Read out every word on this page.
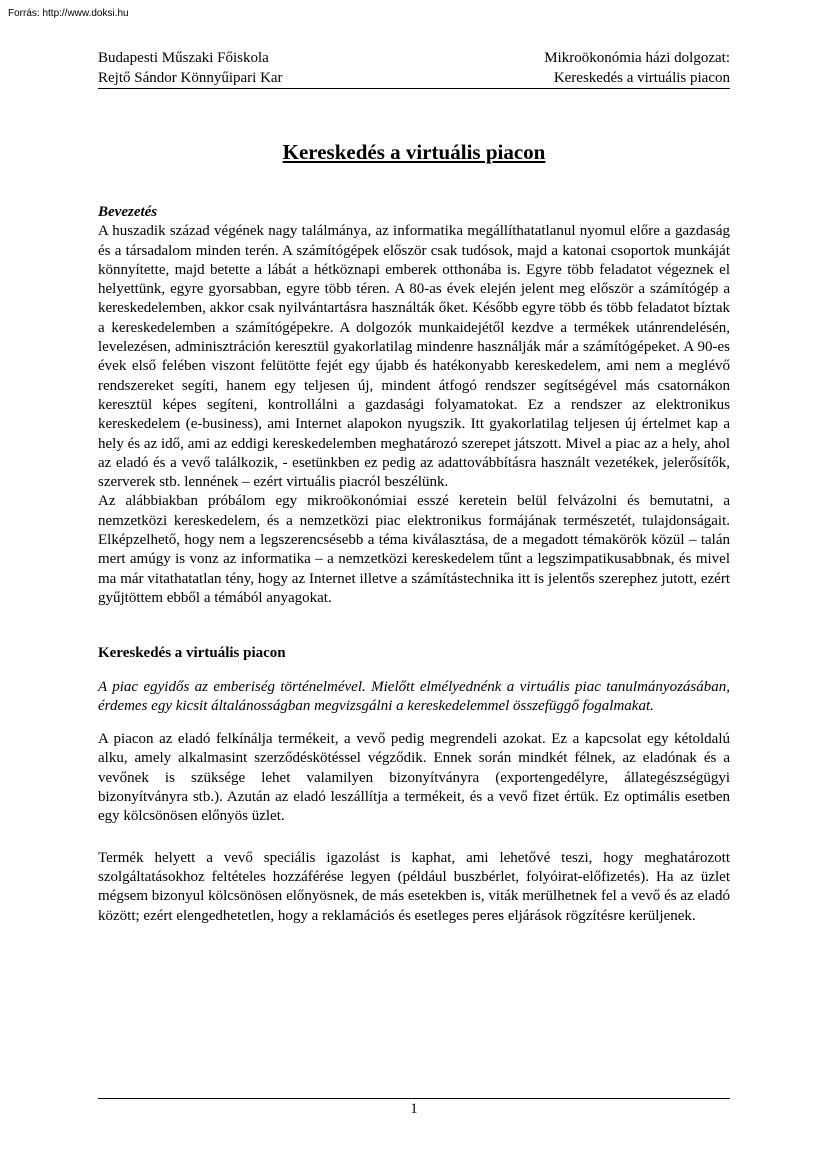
Forrás: http://www.doksi.hu
Budapesti Műszaki Főiskola
Rejtő Sándor Könnyűipari Kar
Mikroökonómia házi dolgozat:
Kereskedés a virtuális piacon
Kereskedés a virtuális piacon

Bevezetés

A huszadik század végének nagy találmánya, az informatika megállíthatatlanul nyomul előre a gazdaság és a társadalom minden terén. A számítógépek először csak tudósok, majd a katonai csoportok munkáját könnyítette, majd betette a lábát a hétköznapi emberek otthonába is. Egyre több feladatot végeznek el helyettünk, egyre gyorsabban, egyre több téren. A 80-as évek elején jelent meg először a számítógép a kereskedelemben, akkor csak nyilvántartásra használták őket. Később egyre több és több feladatot bíztak a kereskedelemben a számítógépekre. A dolgozók munkaidejétől kezdve a termékek utánrendelésén, levelezésen, adminisztráción keresztül gyakorlatilag mindenre használják már a számítógépeket. A 90-es évek első felében viszont felütötte fejét egy újabb és hatékonyabb kereskedelem, ami nem a meglévő rendszereket segíti, hanem egy teljesen új, mindent átfogó rendszer segítségével más csatornákon keresztül képes segíteni, kontrollálni a gazdasági folyamatokat. Ez a rendszer az elektronikus kereskedelem (e-business), ami Internet alapokon nyugszik. Itt gyakorlatilag teljesen új értelmet kap a hely és az idő, ami az eddigi kereskedelemben meghatározó szerepet játszott. Mivel a piac az a hely, ahol az eladó és a vevő találkozik, - esetünkben ez pedig az adattovábbításra használt vezetékek, jelerősítők, szerverek stb. lennének – ezért virtuális piacról beszélünk.

Az alábbiakban próbálom egy mikroökonómiai esszé keretein belül felvázolni és bemutatni, a nemzetközi kereskedelem, és a nemzetközi piac elektronikus formájának természetét, tulajdonságait. Elképzelhető, hogy nem a legszerencsésebb a téma kiválasztása, de a megadott témakörök közül – talán mert amúgy is vonz az informatika – a nemzetközi kereskedelem tűnt a legszimpatikusabbnak, és mivel ma már vitathatatlan tény, hogy az Internet illetve a számítástechnika itt is jelentős szerephez jutott, ezért gyűjtöttem ebből a témából anyagokat.

Kereskedés a virtuális piacon

A piac egyidős az emberiség történelmével. Mielőtt elmélyednénk a virtuális piac tanulmányozásában, érdemes egy kicsit általánosságban megvizsgálni a kereskedelemmel összefüggő fogalmakat.

A piacon az eladó felkínálja termékeit, a vevő pedig megrendeli azokat. Ez a kapcsolat egy kétoldalú alku, amely alkalmasint szerződéskötéssel végződik. Ennek során mindkét félnek, az eladónak és a vevőnek is szüksége lehet valamilyen bizonyítványra (exportengedélyre, állategészségügyi bizonyítványra stb.). Azután az eladó leszállítja a termékeit, és a vevő fizet értük. Ez optimális esetben egy kölcsönösen előnyös üzlet.

Termék helyett a vevő speciális igazolást is kaphat, ami lehetővé teszi, hogy meghatározott szolgáltatásokhoz feltételes hozzáférése legyen (például buszbérlet, folyóirat-előfizetés). Ha az üzlet mégsem bizonyul kölcsönösen előnyösnek, de más esetekben is, viták merülhetnek fel a vevő és az eladó között; ezért elengedhetetlen, hogy a reklamációs és esetleges peres eljárások rögzítésre kerüljenek.

1
